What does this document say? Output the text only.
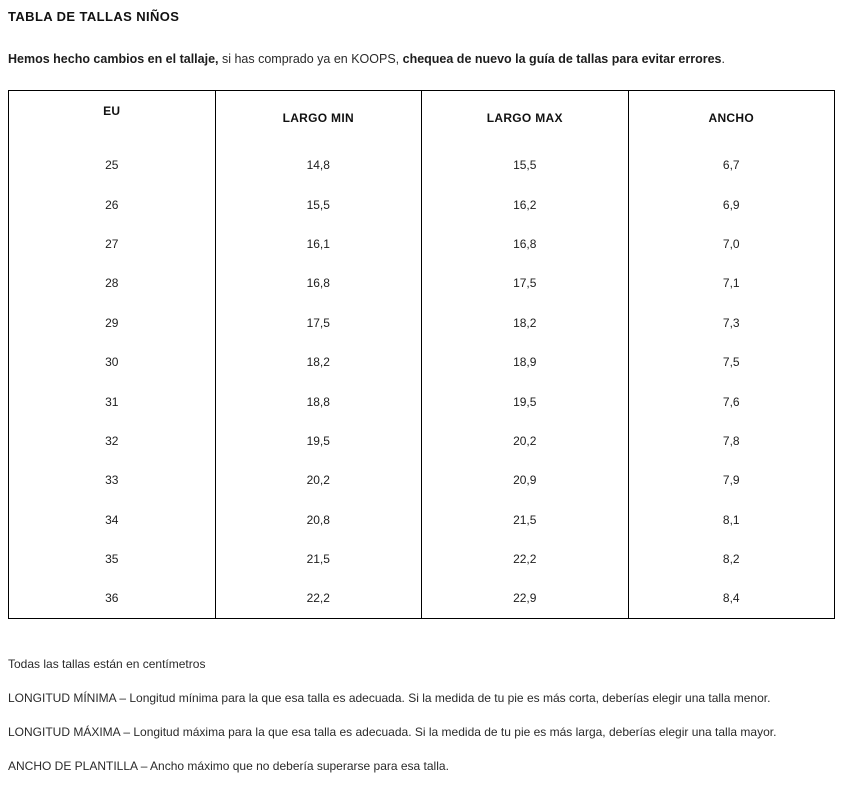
TABLA DE TALLAS NIÑOS
Hemos hecho cambios en el tallaje, si has comprado ya en KOOPS, chequea de nuevo la guía de tallas para evitar errores.
EU	LARGO MIN	LARGO MAX	ANCHO
25	14,8	15,5	6,7
26	15,5	16,2	6,9
27	16,1	16,8	7,0
28	16,8	17,5	7,1
29	17,5	18,2	7,3
30	18,2	18,9	7,5
31	18,8	19,5	7,6
32	19,5	20,2	7,8
33	20,2	20,9	7,9
34	20,8	21,5	8,1
35	21,5	22,2	8,2
36	22,2	22,9	8,4
Todas las tallas están en centímetros
LONGITUD MÍNIMA – Longitud mínima para la que esa talla es adecuada. Si la medida de tu pie es más corta, deberías elegir una talla menor.
LONGITUD MÁXIMA – Longitud máxima para la que esa talla es adecuada. Si la medida de tu pie es más larga, deberías elegir una talla mayor.
ANCHO DE PLANTILLA – Ancho máximo que no debería superarse para esa talla.
